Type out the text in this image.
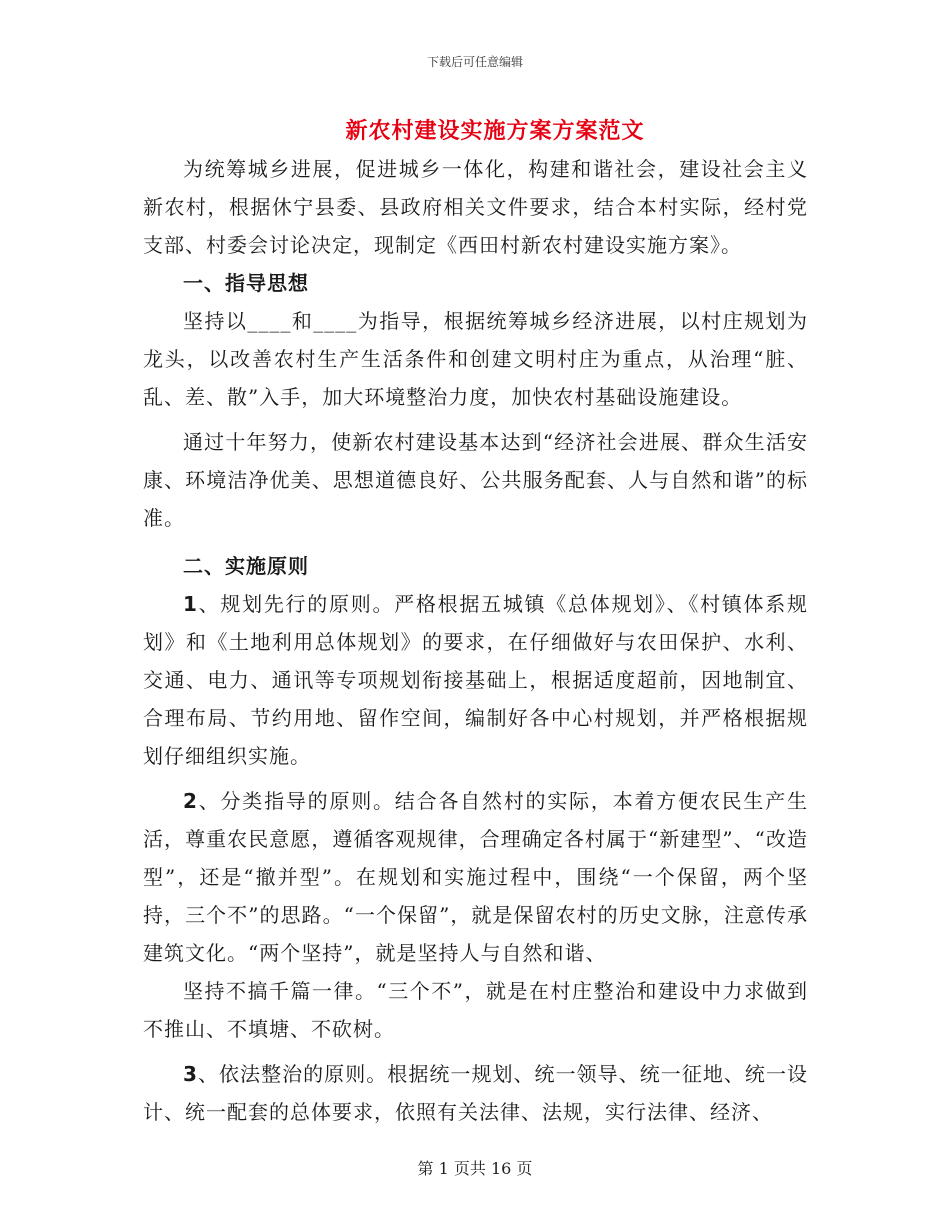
下载后可任意编辑
新农村建设实施方案方案范文

为统筹城乡进展，促进城乡一体化，构建和谐社会，建设社会主义新农村，根据休宁县委、县政府相关文件要求，结合本村实际，经村党支部、村委会讨论决定，现制定《西田村新农村建设实施方案》。

一、指导思想

坚持以____和____为指导，根据统筹城乡经济进展，以村庄规划为龙头，以改善农村生产生活条件和创建文明村庄为重点，从治理“脏、乱、差、散”入手，加大环境整治力度，加快农村基础设施建设。

通过十年努力，使新农村建设基本达到“经济社会进展、群众生活安康、环境洁净优美、思想道德良好、公共服务配套、人与自然和谐”的标准。

二、实施原则

1、规划先行的原则。严格根据五城镇《总体规划》、《村镇体系规划》和《土地利用总体规划》的要求，在仔细做好与农田保护、水利、交通、电力、通讯等专项规划衔接基础上，根据适度超前，因地制宜、合理布局、节约用地、留作空间，编制好各中心村规划，并严格根据规划仔细组织实施。

2、分类指导的原则。结合各自然村的实际，本着方便农民生产生活，尊重农民意愿，遵循客观规律，合理确定各村属于“新建型”、“改造型”，还是“撤并型”。在规划和实施过程中，围绕“一个保留，两个坚持，三个不”的思路。“一个保留”，就是保留农村的历史文脉，注意传承建筑文化。“两个坚持”，就是坚持人与自然和谐、

坚持不搞千篇一律。“三个不”，就是在村庄整治和建设中力求做到不推山、不填塘、不砍树。

3、依法整治的原则。根据统一规划、统一领导、统一征地、统一设计、统一配套的总体要求，依照有关法律、法规，实行法律、经济、

第 1 页共 16 页
